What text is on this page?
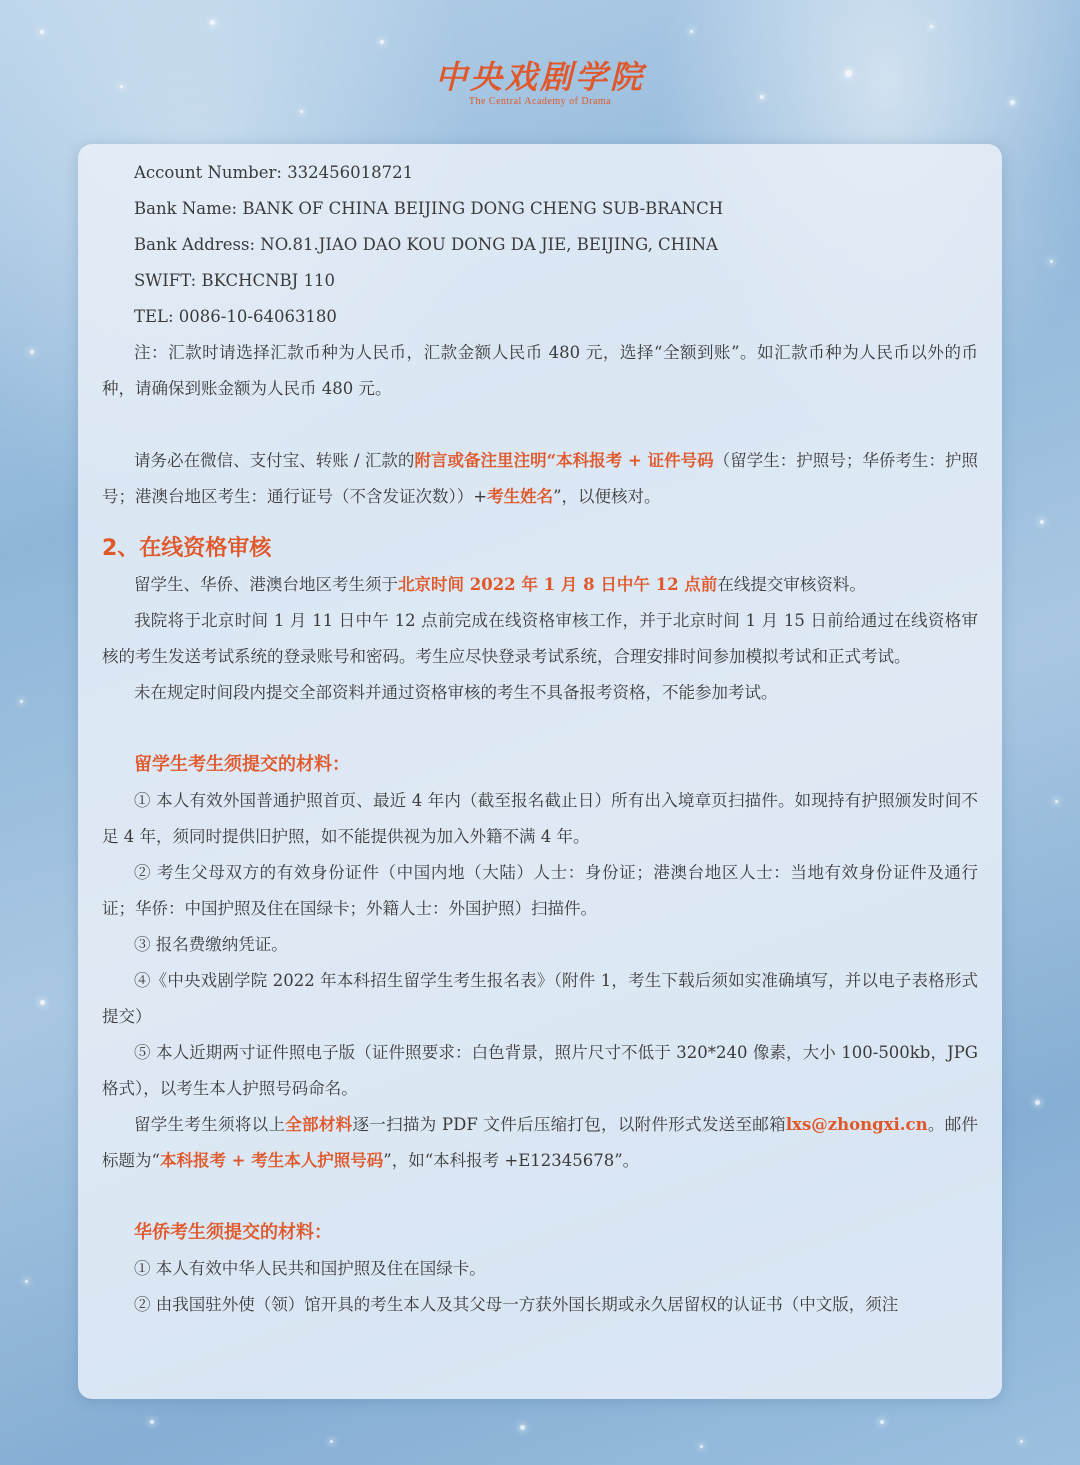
中央戏剧学院
The Central Academy of Drama

Account Number: 332456018721

Bank Name: BANK OF CHINA BEIJING DONG CHENG SUB-BRANCH

Bank Address: NO.81.JIAO DAO KOU DONG DA JIE, BEIJING, CHINA

SWIFT: BKCHCNBJ 110

TEL: 0086-10-64063180

注：汇款时请选择汇款币种为人民币，汇款金额人民币 480 元，选择“全额到账”。如汇款币种为人民币以外的币种，请确保到账金额为人民币 480 元。

请务必在微信、支付宝、转账 / 汇款的附言或备注里注明“本科报考 + 证件号码（留学生：护照号；华侨考生：护照号；港澳台地区考生：通行证号（不含发证次数））+考生姓名”，以便核对。

2、在线资格审核

留学生、华侨、港澳台地区考生须于北京时间 2022 年 1 月 8 日中午 12 点前在线提交审核资料。

我院将于北京时间 1 月 11 日中午 12 点前完成在线资格审核工作，并于北京时间 1 月 15 日前给通过在线资格审核的考生发送考试系统的登录账号和密码。考生应尽快登录考试系统，合理安排时间参加模拟考试和正式考试。

未在规定时间段内提交全部资料并通过资格审核的考生不具备报考资格，不能参加考试。

留学生考生须提交的材料：

① 本人有效外国普通护照首页、最近 4 年内（截至报名截止日）所有出入境章页扫描件。如现持有护照颁发时间不足 4 年，须同时提供旧护照，如不能提供视为加入外籍不满 4 年。

② 考生父母双方的有效身份证件（中国内地（大陆）人士：身份证；港澳台地区人士：当地有效身份证件及通行证；华侨：中国护照及住在国绿卡；外籍人士：外国护照）扫描件。

③ 报名费缴纳凭证。

④《中央戏剧学院 2022 年本科招生留学生考生报名表》（附件 1，考生下载后须如实准确填写，并以电子表格形式提交）

⑤ 本人近期两寸证件照电子版（证件照要求：白色背景，照片尺寸不低于 320*240 像素，大小 100-500kb，JPG 格式），以考生本人护照号码命名。

留学生考生须将以上全部材料逐一扫描为 PDF 文件后压缩打包，以附件形式发送至邮箱lxs@zhongxi.cn。邮件标题为“本科报考 + 考生本人护照号码”，如“本科报考 +E12345678”。

华侨考生须提交的材料：

① 本人有效中华人民共和国护照及住在国绿卡。

② 由我国驻外使（领）馆开具的考生本人及其父母一方获外国长期或永久居留权的认证书（中文版，须注
